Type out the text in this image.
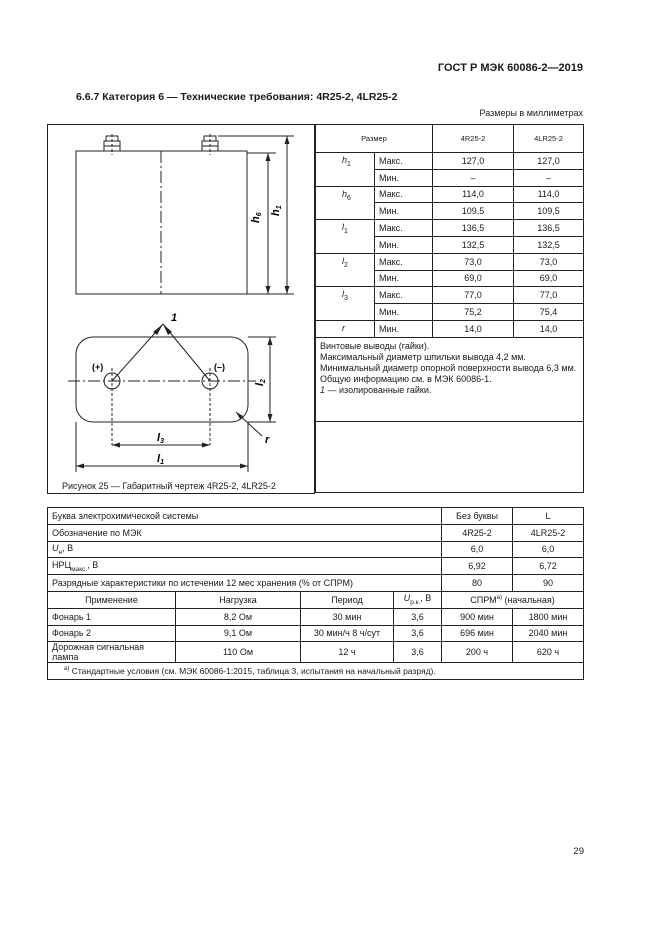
ГОСТ Р МЭК 60086-2—2019
6.6.7 Категория 6 — Технические требования: 4R25-2, 4LR25-2
Размеры в миллиметрах
h6 h1
1
(+)	(–)
l2
l3
l1
r
Рисунок 25 — Габаритный чертеж 4R25-2, 4LR25-2
Размер		4R25-2	4LR25-2
$h_1$	Макс.	127,0	127,0
	Мин.	–	–
$h_6$	Макс.	114,0	114,0
	Мин.	109,5	109,5
$l_1$	Макс.	136,5	136,5
	Мин.	132,5	132,5
$l_2$	Макс.	73,0	73,0
	Мин.	69,0	69,0
$l_3$	Макс.	77,0	77,0
	Мин.	75,2	75,4
r	Мин.	14,0	14,0

Винтовые выводы (гайки).
Максимальный диаметр шпильки вывода 4,2 мм.
Минимальный диаметр опорной поверхности вывода 6,3 мм.
Общую информацию см. в МЭК 60086-1.
1 — изолированные гайки.			

Буква электрохимической системы				Без буквы	L
Обозначение по МЭК				4R25-2	4LR25-2
$U_н$, В				6,0	6,0
$НРЦ_{макс.}$, В				6,92	6,72
Разрядные характеристики по истечении 12 мес хранения (% от СПРМ)				80	90
Применение	Нагрузка	Период	$U_{р.к.}$, В	$СПРМ^{а)}$ (начальная)	
Фонарь 1	8,2 Ом	30 мин	3,6	900 мин	1800 мин
Фонарь 2	9,1 Ом	30 мин/ч 8 ч/сут	3,6	696 мин	2040 мин
Дорожная сигнальная лампа	110 Ом	12 ч	3,6	200 ч	620 ч
$^{а)}$ Стандартные условия (см. МЭК 60086-1:2015, таблица 3, испытания на начальный разряд).					
29
